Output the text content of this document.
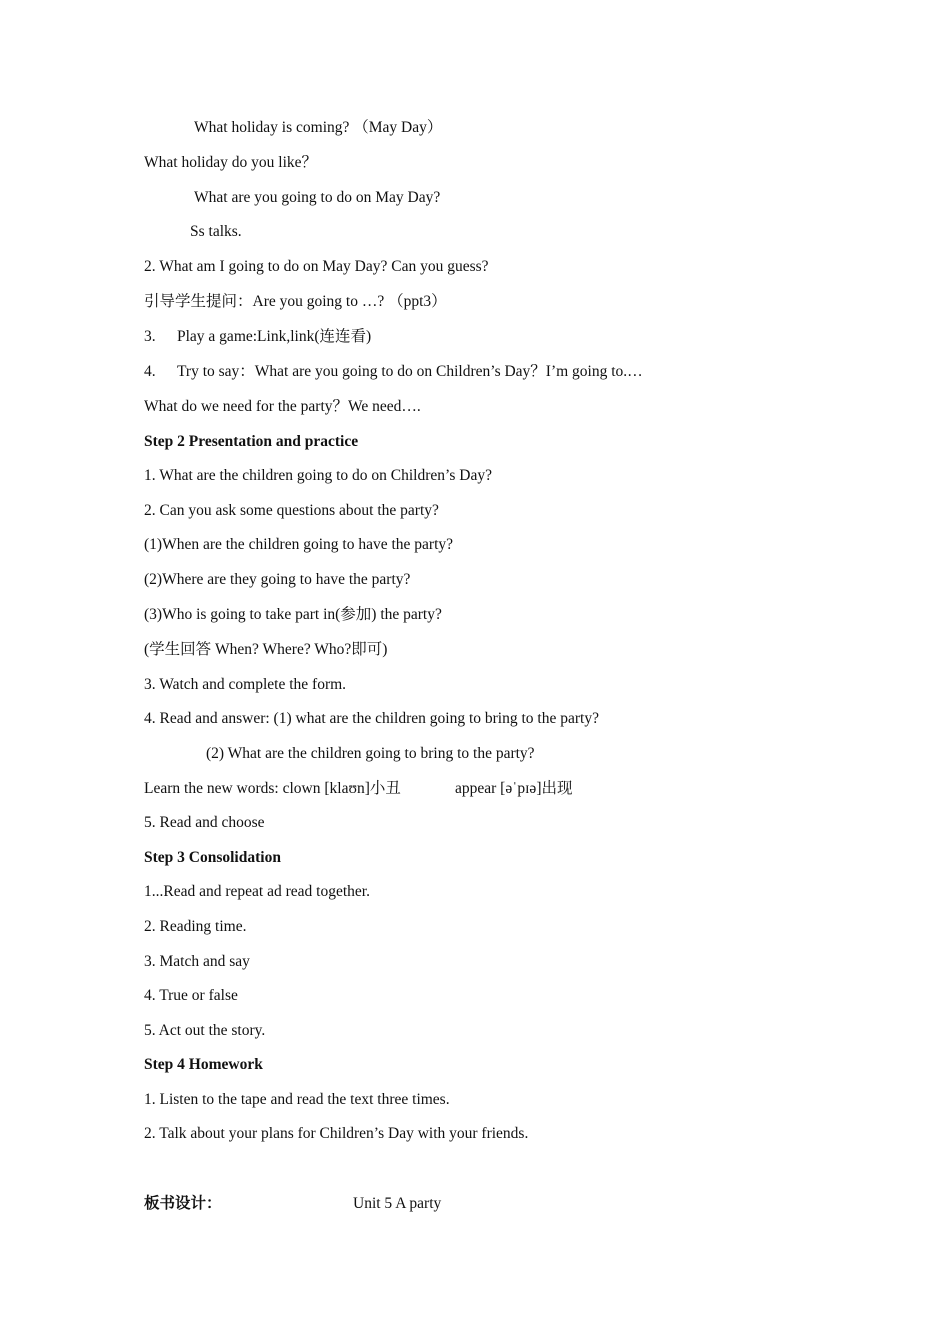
What holiday is coming? （May Day）
What holiday do you like？
What are you going to do on May Day?
Ss talks.
2. What am I going to do on May Day? Can you guess?
引导学生提问：Are you going to …? （ppt3）
3. Play a game:Link,link(连连看)
4. Try to say：What are you going to do on Children’s Day？I’m going to.…
What do we need for the party？We need….
Step 2 Presentation and practice
1. What are the children going to do on Children’s Day?
2. Can you ask some questions about the party?
(1)When are the children going to have the party?
(2)Where are they going to have the party?
(3)Who is going to take part in(参加) the party?
(学生回答 When? Where? Who?即可)
3. Watch and complete the form.
4. Read and answer: (1) what are the children going to bring to the party?
(2) What are the children going to bring to the party?
Learn the new words: clown [klaʊn]小丑	appear [əˈpɪə]出现
5. Read and choose
Step 3 Consolidation
1...Read and repeat ad read together.
2. Reading time.
3. Match and say
4. True or false
5. Act out the story.
Step 4 Homework
1. Listen to the tape and read the text three times.
2. Talk about your plans for Children’s Day with your friends.
板书设计：	Unit 5 A party
